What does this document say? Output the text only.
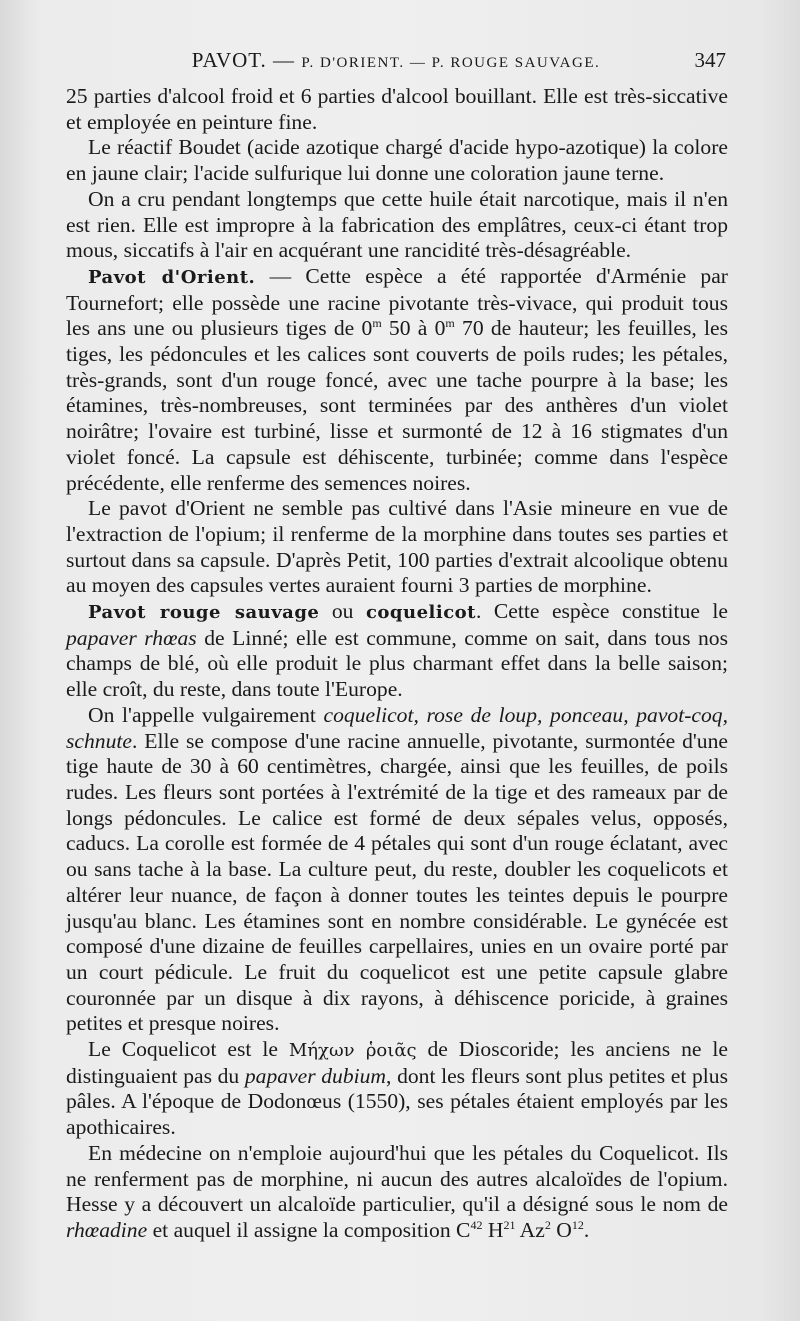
PAVOT. — P. D'ORIENT. — P. ROUGE SAUVAGE.	347

25 parties d'alcool froid et 6 parties d'alcool bouillant. Elle est très-siccative et employée en peinture fine.

Le réactif Boudet (acide azotique chargé d'acide hypo-azotique) la colore en jaune clair; l'acide sulfurique lui donne une coloration jaune terne.

On a cru pendant longtemps que cette huile était narcotique, mais il n'en est rien. Elle est impropre à la fabrication des emplâtres, ceux-ci étant trop mous, siccatifs à l'air en acquérant une rancidité très-désagréable.

Pavot d'Orient. — Cette espèce a été rapportée d'Arménie par Tournefort; elle possède une racine pivotante très-vivace, qui produit tous les ans une ou plusieurs tiges de 0$^m$ 50 à 0$^m$ 70 de hauteur; les feuilles, les tiges, les pédoncules et les calices sont couverts de poils rudes; les pétales, très-grands, sont d'un rouge foncé, avec une tache pourpre à la base; les étamines, très-nombreuses, sont terminées par des anthères d'un violet noirâtre; l'ovaire est turbiné, lisse et surmonté de 12 à 16 stigmates d'un violet foncé. La capsule est déhiscente, turbinée; comme dans l'espèce précédente, elle renferme des semences noires.

Le pavot d'Orient ne semble pas cultivé dans l'Asie mineure en vue de l'extraction de l'opium; il renferme de la morphine dans toutes ses parties et surtout dans sa capsule. D'après Petit, 100 parties d'extrait alcoolique obtenu au moyen des capsules vertes auraient fourni 3 parties de morphine.

Pavot rouge sauvage ou coquelicot. Cette espèce constitue le papaver rhœas de Linné; elle est commune, comme on sait, dans tous nos champs de blé, où elle produit le plus charmant effet dans la belle saison; elle croît, du reste, dans toute l'Europe.

On l'appelle vulgairement coquelicot, rose de loup, ponceau, pavot-coq, schnute. Elle se compose d'une racine annuelle, pivotante, surmontée d'une tige haute de 30 à 60 centimètres, chargée, ainsi que les feuilles, de poils rudes. Les fleurs sont portées à l'extrémité de la tige et des rameaux par de longs pédoncules. Le calice est formé de deux sépales velus, opposés, caducs. La corolle est formée de 4 pétales qui sont d'un rouge éclatant, avec ou sans tache à la base. La culture peut, du reste, doubler les coquelicots et altérer leur nuance, de façon à donner toutes les teintes depuis le pourpre jusqu'au blanc. Les étamines sont en nombre considérable. Le gynécée est composé d'une dizaine de feuilles carpellaires, unies en un ovaire porté par un court pédicule. Le fruit du coquelicot est une petite capsule glabre couronnée par un disque à dix rayons, à déhiscence poricide, à graines petites et presque noires.

Le Coquelicot est le Μήχων ῥοιᾶς de Dioscoride; les anciens ne le distinguaient pas du papaver dubium, dont les fleurs sont plus petites et plus pâles. A l'époque de Dodonœus (1550), ses pétales étaient employés par les apothicaires.

En médecine on n'emploie aujourd'hui que les pétales du Coquelicot. Ils ne renferment pas de morphine, ni aucun des autres alcaloïdes de l'opium. Hesse y a découvert un alcaloïde particulier, qu'il a désigné sous le nom de rhœadine et auquel il assigne la composition $C^{42}$ $H^{21}$ Az$^2$ $O^{12}$.
